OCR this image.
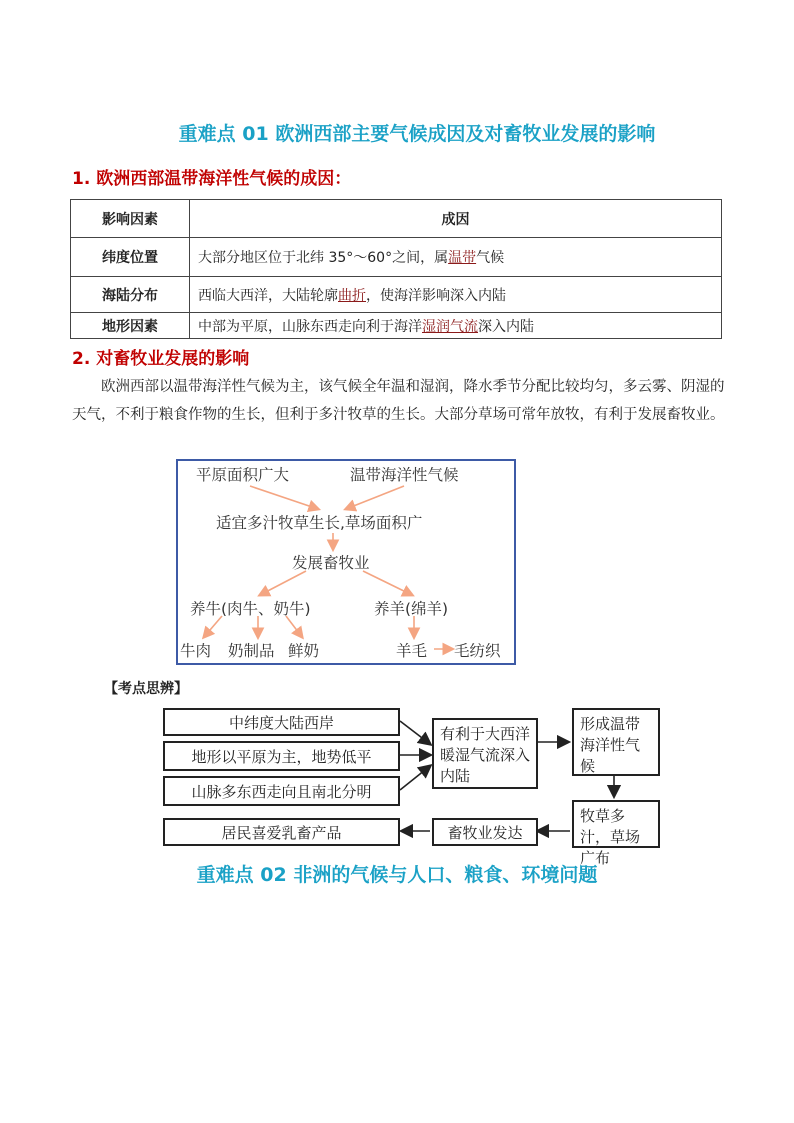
重难点 01 欧洲西部主要气候成因及对畜牧业发展的影响
1. 欧洲西部温带海洋性气候的成因：
影响因素	成因
纬度位置	大部分地区位于北纬 35°～60°之间，属温带气候
海陆分布	西临大西洋，大陆轮廓曲折，使海洋影响深入内陆
地形因素	中部为平原，山脉东西走向利于海洋湿润气流深入内陆
2. 对畜牧业发展的影响
欧洲西部以温带海洋性气候为主，该气候全年温和湿润，降水季节分配比较均匀，多云雾、阴湿的天气，不利于粮食作物的生长，但利于多汁牧草的生长。大部分草场可常年放牧，有利于发展畜牧业。
平原面积广大	温带海洋性气候
适宜多汁牧草生长,草场面积广
发展畜牧业
养牛(肉牛、奶牛)	养羊(绵羊)
牛肉 奶制品 鲜奶	羊毛 毛纺织
【考点思辨】
中纬度大陆西岸
地形以平原为主，地势低平
山脉多东西走向且南北分明
有利于大西洋暖湿气流深入内陆
形成温带海洋性气候
牧草多汁，草场广布
畜牧业发达
居民喜爱乳畜产品
重难点 02 非洲的气候与人口、粮食、环境问题
